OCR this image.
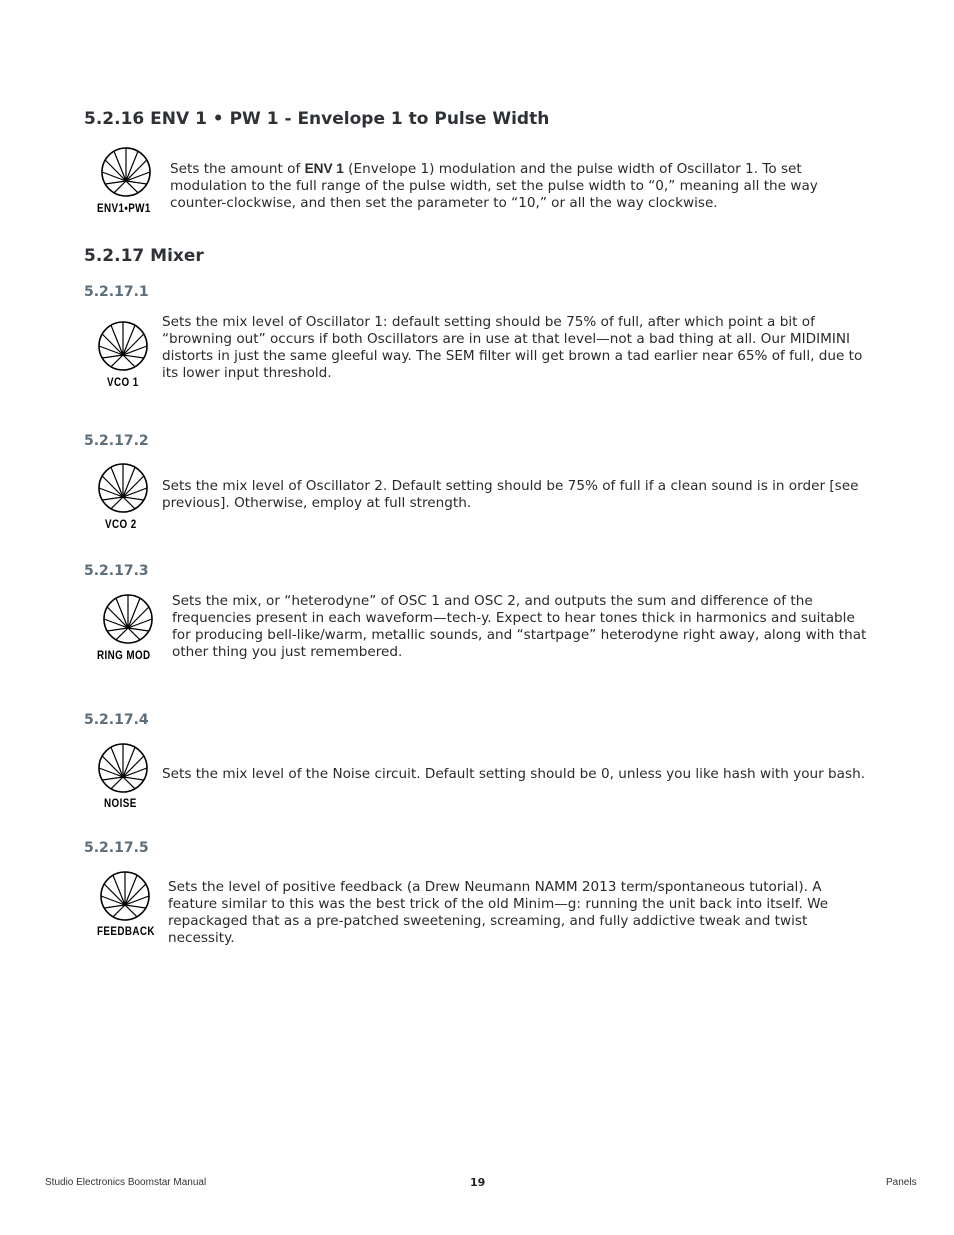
5.2.16 ENV 1 • PW 1 - Envelope 1 to Pulse Width
ENV1•PW1

Sets the amount of ENV 1 (Envelope 1) modulation and the pulse width of Oscillator 1. To set modulation to the full range of the pulse width, set the pulse width to “0,” meaning all the way counter-clockwise, and then set the parameter to “10,” or all the way clockwise.

5.2.17 Mixer
5.2.17.1
VCO 1

Sets the mix level of Oscillator 1: default setting should be 75% of full, after which point a bit of “browning out” occurs if both Oscillators are in use at that level—not a bad thing at all. Our MIDIMINI distorts in just the same gleeful way. The SEM filter will get brown a tad earlier near 65% of full, due to its lower input threshold.

5.2.17.2
VCO 2

Sets the mix level of Oscillator 2. Default setting should be 75% of full if a clean sound is in order [see previous]. Otherwise, employ at full strength.

5.2.17.3
RING MOD

Sets the mix, or “heterodyne” of OSC 1 and OSC 2, and outputs the sum and difference of the frequencies present in each waveform—tech-y. Expect to hear tones thick in harmonics and suitable for producing bell-like/warm, metallic sounds, and “startpage” heterodyne right away, along with that other thing you just remembered.

5.2.17.4
NOISE

Sets the mix level of the Noise circuit. Default setting should be 0, unless you like hash with your bash.

5.2.17.5
FEEDBACK

Sets the level of positive feedback (a Drew Neumann NAMM 2013 term/spontaneous tutorial). A feature similar to this was the best trick of the old Minim—g: running the unit back into itself. We repackaged that as a pre-patched sweetening, screaming, and fully addictive tweak and twist necessity.

Studio Electronics Boomstar Manual	19	Panels
